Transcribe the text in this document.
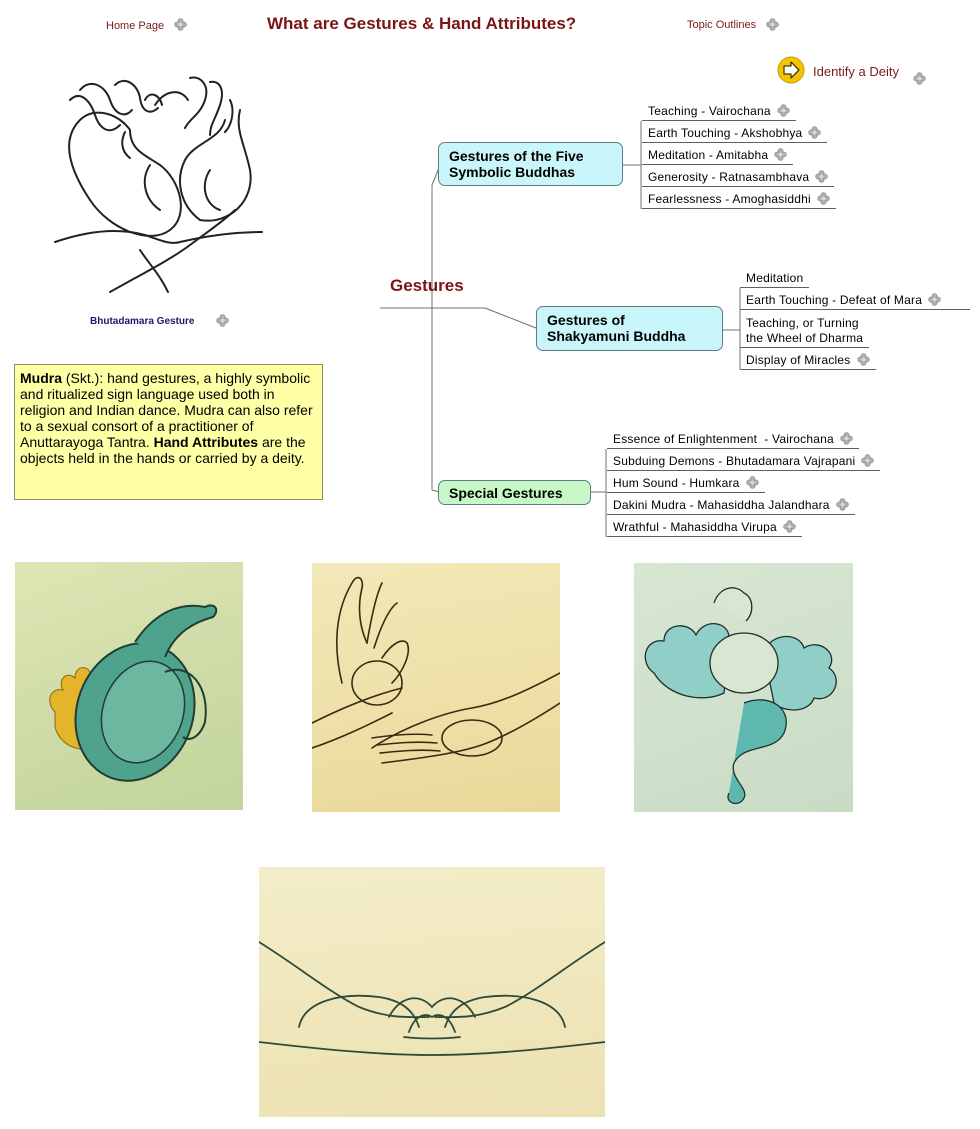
Home Page	What are Gestures & Hand Attributes?	Topic Outlines
Identify a Deity
Bhutadamara Gesture
Gestures
Gestures of the Five
Symbolic Buddhas
Teaching - Vairochana
Earth Touching - Akshobhya
Meditation - Amitabha
Generosity - Ratnasambhava
Fearlessness - Amoghasiddhi
Gestures of
Shakyamuni Buddha
Meditation
Earth Touching - Defeat of Mara
Teaching, or Turning
the Wheel of Dharma
Display of Miracles
Special Gestures
Essence of Enlightenment  - Vairochana
Subduing Demons - Bhutadamara Vajrapani
Hum Sound - Humkara
Dakini Mudra - Mahasiddha Jalandhara
Wrathful - Mahasiddha Virupa
Mudra (Skt.): hand gestures, a highly symbolic and ritualized sign language used both in religion and Indian dance. Mudra can also refer to a sexual consort of a practitioner of Anuttarayoga Tantra. Hand Attributes are the objects held in the hands or carried by a deity.
